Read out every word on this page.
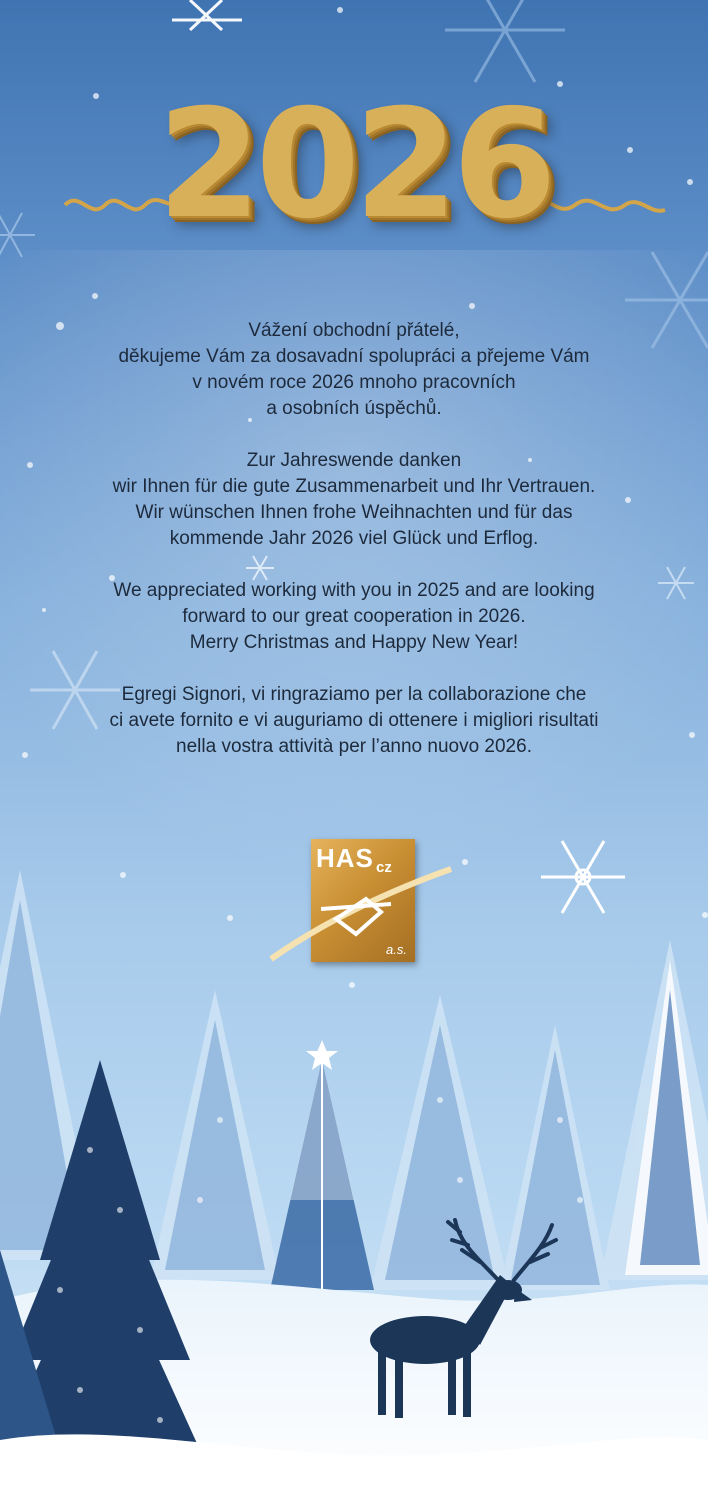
2026

Vážení obchodní přátelé,
děkujeme Vám za dosavadní spolupráci a přejeme Vám
v novém roce 2026 mnoho pracovních
a osobních úspěchů.

Zur Jahreswende danken
wir Ihnen für die gute Zusammenarbeit und Ihr Vertrauen.
Wir wünschen Ihnen frohe Weihnachten und für das
kommende Jahr 2026 viel Glück und Erflog.

We appreciated working with you in 2025 and are looking
forward to our great cooperation in 2026.
Merry Christmas and Happy New Year!

Egregi Signori, vi ringraziamo per la collaborazione che
ci avete fornito e vi auguriamo di ottenere i migliori risultati
nella vostra attività per l’anno nuovo 2026.

HAS cz
a.s.
